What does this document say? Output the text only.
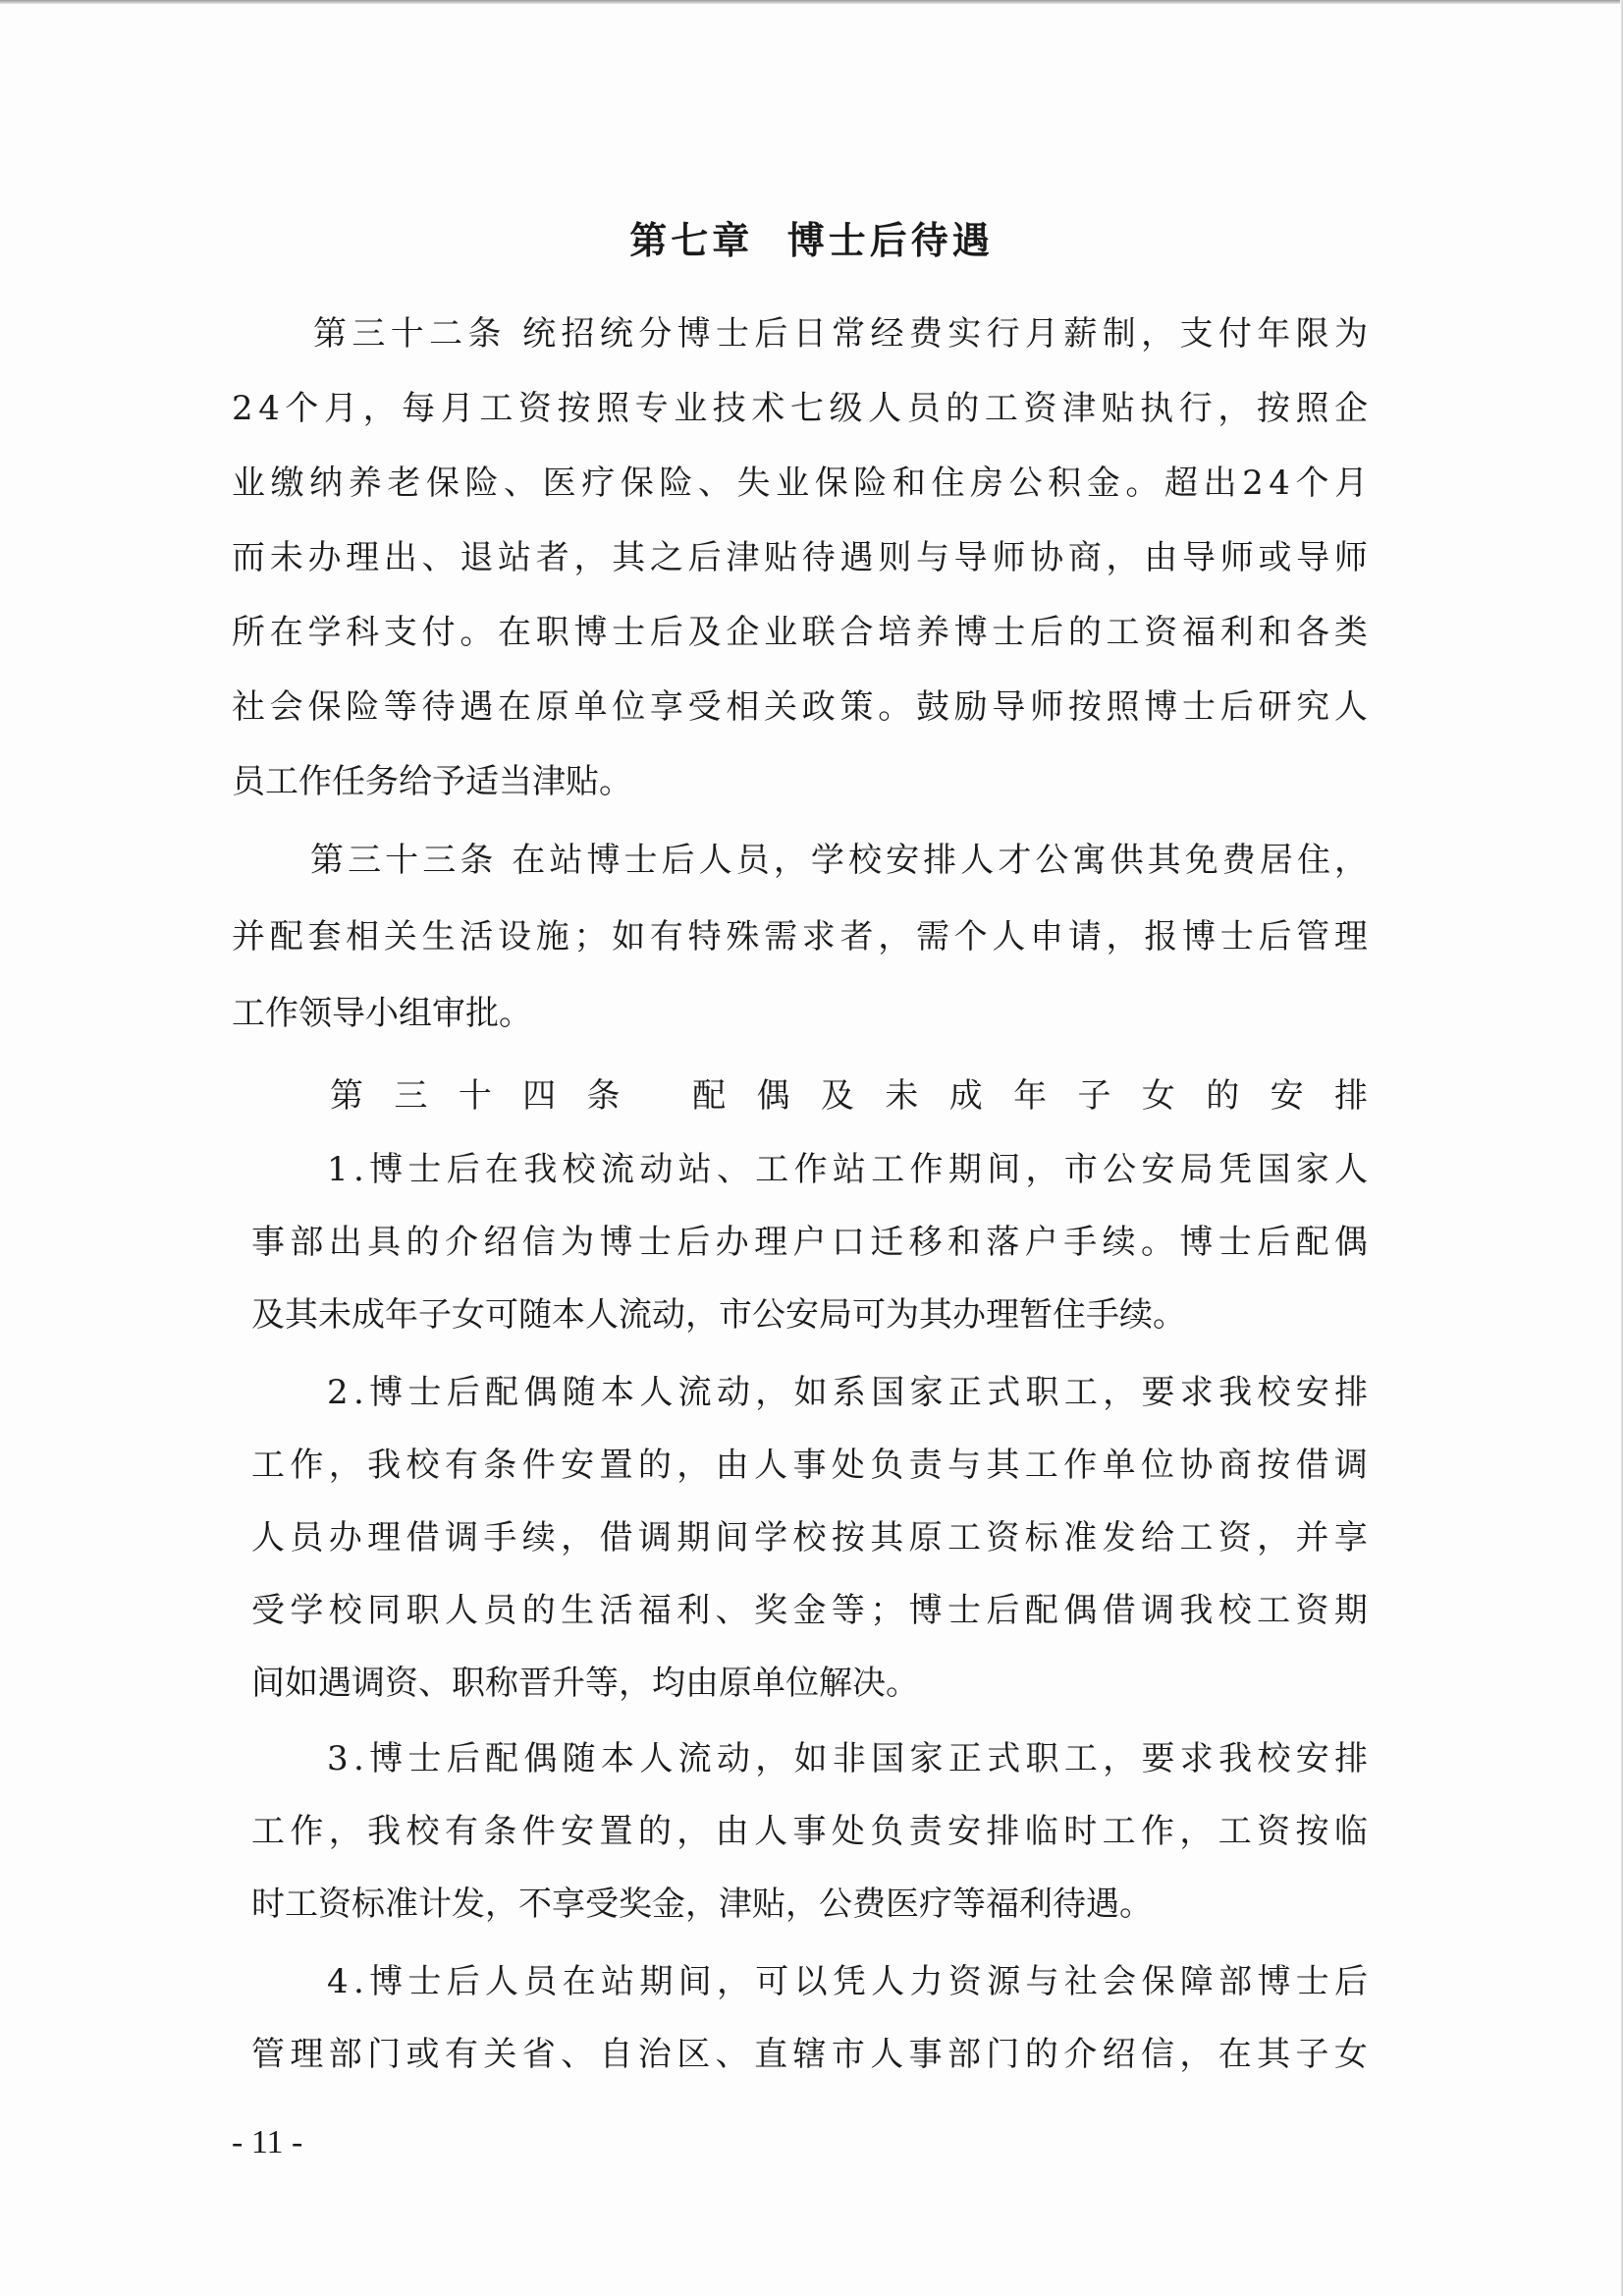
第七章  博士后待遇
第三十二条 统招统分博士后日常经费实行月薪制，支付年限为
24个月，每月工资按照专业技术七级人员的工资津贴执行，按照企
业缴纳养老保险、医疗保险、失业保险和住房公积金。超出24个月
而未办理出、退站者，其之后津贴待遇则与导师协商，由导师或导师
所在学科支付。在职博士后及企业联合培养博士后的工资福利和各类
社会保险等待遇在原单位享受相关政策。鼓励导师按照博士后研究人
员工作任务给予适当津贴。
第三十三条 在站博士后人员，学校安排人才公寓供其免费居住，
并配套相关生活设施；如有特殊需求者，需个人申请，报博士后管理
工作领导小组审批。
第三十四条 配偶及未成年子女的安排
1.博士后在我校流动站、工作站工作期间，市公安局凭国家人
事部出具的介绍信为博士后办理户口迁移和落户手续。博士后配偶
及其未成年子女可随本人流动，市公安局可为其办理暂住手续。
2.博士后配偶随本人流动，如系国家正式职工，要求我校安排
工作，我校有条件安置的，由人事处负责与其工作单位协商按借调
人员办理借调手续，借调期间学校按其原工资标准发给工资，并享
受学校同职人员的生活福利、奖金等；博士后配偶借调我校工资期
间如遇调资、职称晋升等，均由原单位解决。
3.博士后配偶随本人流动，如非国家正式职工，要求我校安排
工作，我校有条件安置的，由人事处负责安排临时工作，工资按临
时工资标准计发，不享受奖金，津贴，公费医疗等福利待遇。
4.博士后人员在站期间，可以凭人力资源与社会保障部博士后
管理部门或有关省、自治区、直辖市人事部门的介绍信，在其子女
- 11 -
